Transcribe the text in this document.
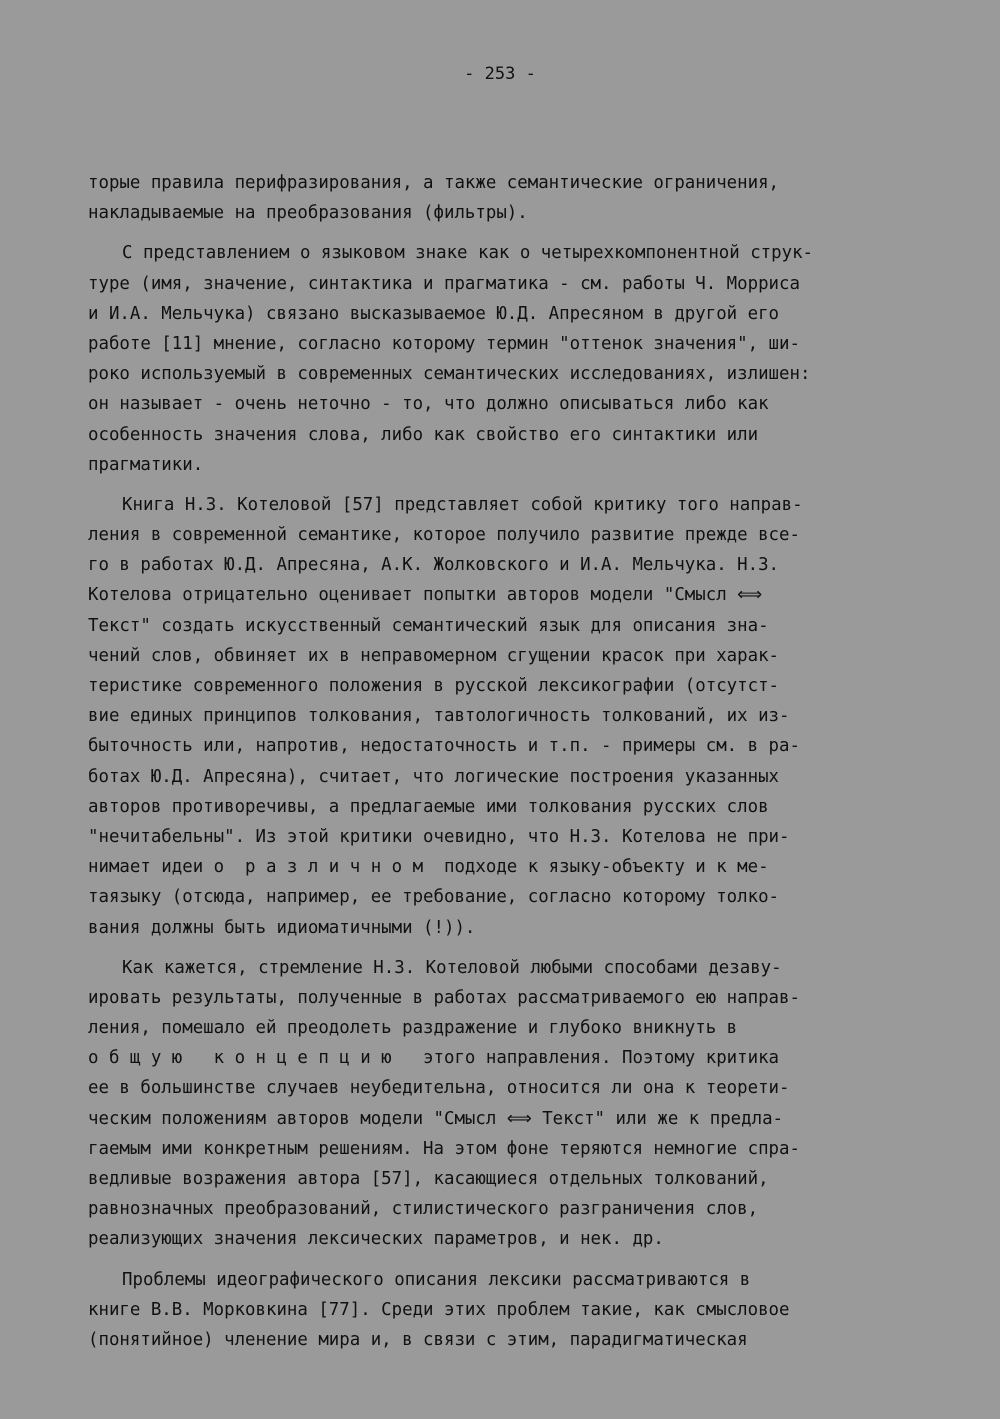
- 253 -
торые правила перифразирования, а также семантические ограничения,
накладываемые на преобразования (фильтры).
С представлением о языковом знаке как о четырехкомпонентной струк-
туре (имя, значение, синтактика и прагматика - см. работы Ч. Морриса
и И.А. Мельчука) связано высказываемое Ю.Д. Апресяном в другой его
работе [11] мнение, согласно которому термин "оттенок значения", ши-
роко используемый в современных семантических исследованиях, излишен:
он называет - очень неточно - то, что должно описываться либо как
особенность значения слова, либо как свойство его синтактики или
прагматики.
Книга Н.З. Котеловой [57] представляет собой критику того направ-
ления в современной семантике, которое получило развитие прежде все-
го в работах Ю.Д. Апресяна, А.К. Жолковского и И.А. Мельчука. Н.З.
Котелова отрицательно оценивает попытки авторов модели "Смысл ⟺
Текст" создать искусственный семантический язык для описания зна-
чений слов, обвиняет их в неправомерном сгущении красок при харак-
теристике современного положения в русской лексикографии (отсутст-
вие единых принципов толкования, тавтологичность толкований, их из-
быточность или, напротив, недостаточность и т.п. - примеры см. в ра-
ботах Ю.Д. Апресяна), считает, что логические построения указанных
авторов противоречивы, а предлагаемые ими толкования русских слов
"нечитабельны". Из этой критики очевидно, что Н.З. Котелова не при-
нимает идеи о  р а з л и ч н о м  подходе к языку-объекту и к ме-
таязыку (отсюда, например, ее требование, согласно которому толко-
вания должны быть идиоматичными (!)).
Как кажется, стремление Н.З. Котеловой любыми способами дезаву-
ировать результаты, полученные в работах рассматриваемого ею направ-
ления, помешало ей преодолеть раздражение и глубоко вникнуть в
о б щ у ю   к о н ц е п ц и ю   этого направления. Поэтому критика
ее в большинстве случаев неубедительна, относится ли она к теорети-
ческим положениям авторов модели "Смысл ⟺ Текст" или же к предла-
гаемым ими конкретным решениям. На этом фоне теряются немногие спра-
ведливые возражения автора [57], касающиеся отдельных толкований,
равнозначных преобразований, стилистического разграничения слов,
реализующих значения лексических параметров, и нек. др.
Проблемы идеографического описания лексики рассматриваются в
книге В.В. Морковкина [77]. Среди этих проблем такие, как смысловое
(понятийное) членение мира и, в связи с этим, парадигматическая
